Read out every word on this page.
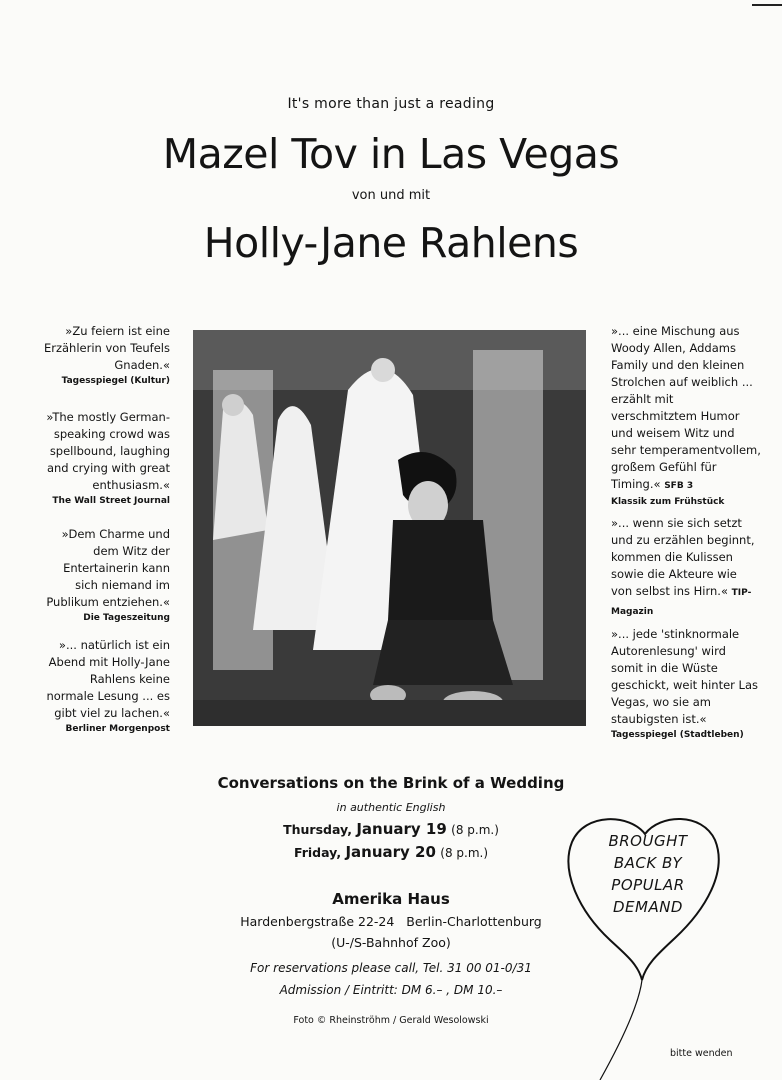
It's more than just a reading
Mazel Tov in Las Vegas
von und mit
Holly-Jane Rahlens
»Zu feiern ist eine Erzählerin von Teufels Gnaden.«
Tagesspiegel (Kultur)
»The mostly German-speaking crowd was spellbound, laughing and crying with great enthusiasm.«
The Wall Street Journal
»Dem Charme und dem Witz der Entertainerin kann sich niemand im Publikum entziehen.«
Die Tageszeitung
»... natürlich ist ein Abend mit Holly-Jane Rahlens keine normale Lesung ... es gibt viel zu lachen.«
Berliner Morgenpost
»... eine Mischung aus Woody Allen, Addams Family und den kleinen Strolchen auf weiblich ... erzählt mit verschmitztem Humor und weisem Witz und sehr temperamentvollem, großem Gefühl für Timing.« SFB 3
Klassik zum Frühstück
»... wenn sie sich setzt und zu erzählen beginnt, kommen die Kulissen sowie die Akteure wie von selbst ins Hirn.« TIP-Magazin
»... jede 'stinknormale Autorenlesung' wird somit in die Wüste geschickt, weit hinter Las Vegas, wo sie am staubigsten ist.«
Tagesspiegel (Stadtleben)
Conversations on the Brink of a Wedding
in authentic English
Thursday, January 19 (8 p.m.)
Friday, January 20 (8 p.m.)
Amerika Haus
Hardenbergstraße 22-24   Berlin-Charlottenburg
(U-/S-Bahnhof Zoo)
For reservations please call, Tel. 31 00 01-0/31
Admission / Eintritt: DM 6.– , DM 10.–
Foto © Rheinströhm / Gerald Wesolowski
BROUGHT
BACK BY
POPULAR
DEMAND
bitte wenden
